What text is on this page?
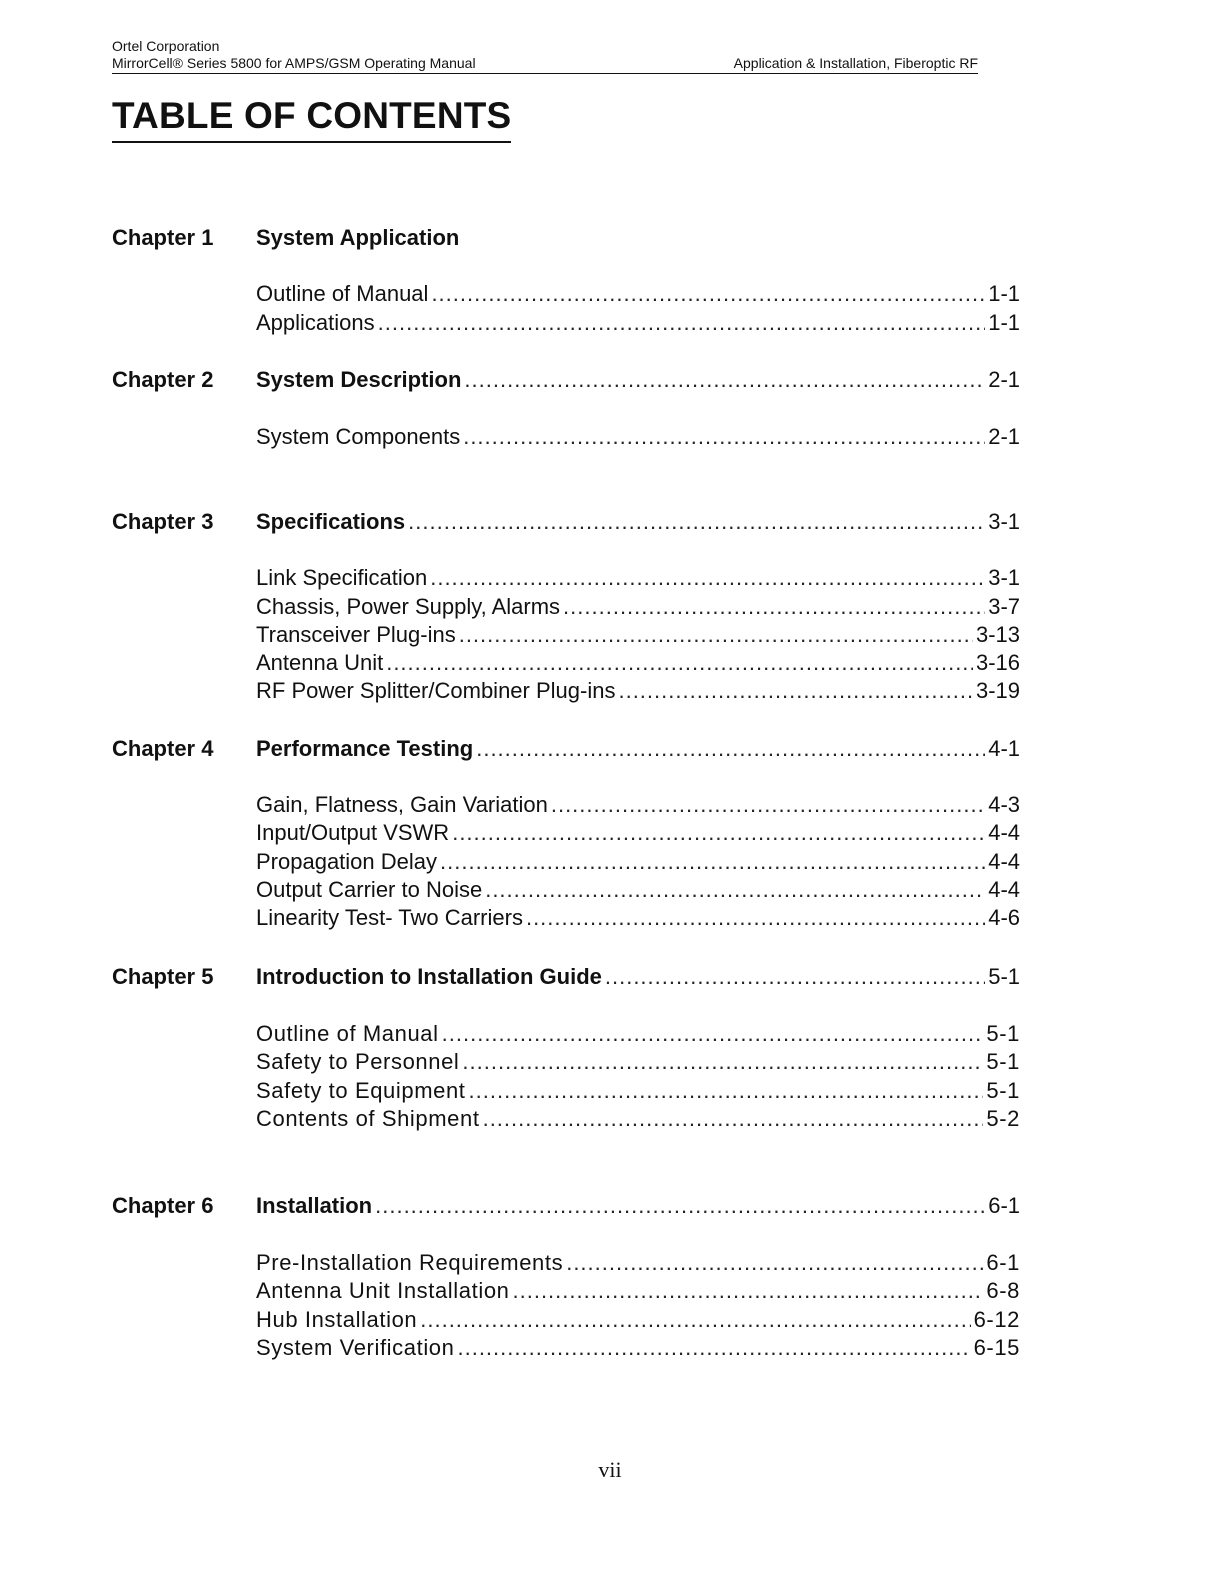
Ortel Corporation
MirrorCell® Series 5800 for AMPS/GSM Operating Manual	Application & Installation, Fiberoptic RF
TABLE OF CONTENTS
Chapter 1	System Application
Outline of Manual .....	1-1
Applications .....	1-1
Chapter 2	System Description .....	2-1
System Components .....	2-1
Chapter 3	Specifications .....	3-1
Link Specification .....	3-1
Chassis, Power Supply, Alarms .....	3-7
Transceiver Plug-ins .....	3-13
Antenna Unit .....	3-16
RF Power Splitter/Combiner Plug-ins .....	3-19
Chapter 4	Performance Testing .....	4-1
Gain, Flatness, Gain Variation .....	4-3
Input/Output VSWR .....	4-4
Propagation Delay .....	4-4
Output Carrier to Noise .....	4-4
Linearity Test- Two Carriers .....	4-6
Chapter 5	Introduction to Installation Guide .....	5-1
Outline of Manual .....	5-1
Safety to Personnel .....	5-1
Safety to Equipment .....	5-1
Contents of Shipment .....	5-2
Chapter 6	Installation .....	6-1
Pre-Installation Requirements .....	6-1
Antenna Unit Installation .....	6-8
Hub Installation .....	6-12
System Verification .....	6-15
vii
